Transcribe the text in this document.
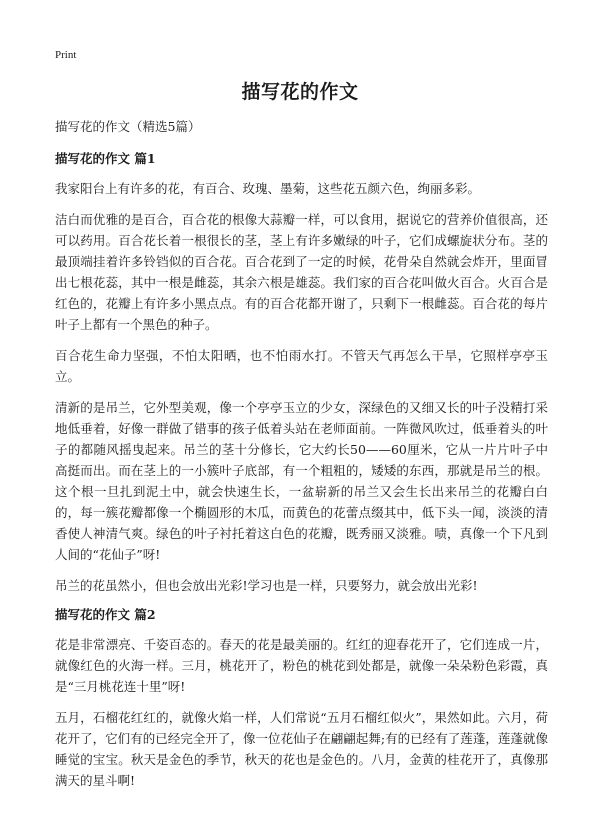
Print
描写花的作文

描写花的作文（精选5篇）

描写花的作文 篇1

我家阳台上有许多的花，有百合、玫瑰、墨菊，这些花五颜六色，绚丽多彩。

洁白而优雅的是百合，百合花的根像大蒜瓣一样，可以食用，据说它的营养价值很高，还可以药用。百合花长着一根很长的茎，茎上有许多嫩绿的叶子，它们成螺旋状分布。茎的最顶端挂着许多铃铛似的百合花。百合花到了一定的时候，花骨朵自然就会炸开，里面冒出七根花蕊，其中一根是雌蕊，其余六根是雄蕊。我们家的百合花叫做火百合。火百合是红色的，花瓣上有许多小黑点点。有的百合花都开谢了，只剩下一根雌蕊。百合花的每片叶子上都有一个黑色的种子。

百合花生命力坚强，不怕太阳晒，也不怕雨水打。不管天气再怎么干旱，它照样亭亭玉立。

清新的是吊兰，它外型美观，像一个亭亭玉立的少女，深绿色的又细又长的叶子没精打采地低垂着，好像一群做了错事的孩子低着头站在老师面前。一阵微风吹过，低垂着头的叶子的都随风摇曳起来。吊兰的茎十分修长，它大约长50——60厘米，它从一片片叶子中高挺而出。而在茎上的一小簇叶子底部，有一个粗粗的，矮矮的东西，那就是吊兰的根。这个根一旦扎到泥土中，就会快速生长，一盆崭新的吊兰又会生长出来吊兰的花瓣白白的，每一簇花瓣都像一个椭圆形的木瓜，而黄色的花蕾点缀其中，低下头一闻，淡淡的清香使人神清气爽。绿色的叶子衬托着这白色的花瓣，既秀丽又淡雅。啧，真像一个下凡到人间的“花仙子”呀!

吊兰的花虽然小，但也会放出光彩!学习也是一样，只要努力，就会放出光彩!

描写花的作文 篇2

花是非常漂亮、千姿百态的。春天的花是最美丽的。红红的迎春花开了，它们连成一片，就像红色的火海一样。三月，桃花开了，粉色的桃花到处都是，就像一朵朵粉色彩霞，真是“三月桃花连十里”呀!

五月，石榴花红红的，就像火焰一样，人们常说“五月石榴红似火”，果然如此。六月，荷花开了，它们有的已经完全开了，像一位花仙子在翩翩起舞;有的已经有了莲蓬，莲蓬就像睡觉的宝宝。秋天是金色的季节，秋天的花也是金色的。八月，金黄的桂花开了，真像那满天的星斗啊!
